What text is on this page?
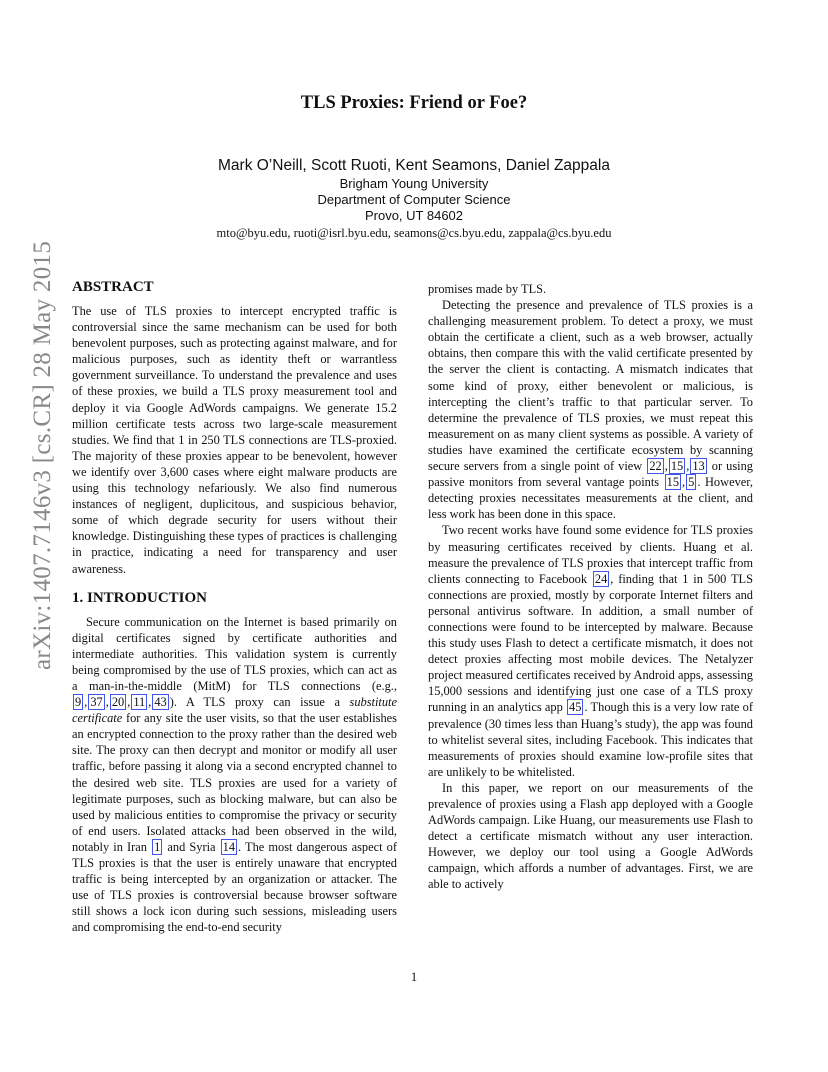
arXiv:1407.7146v3 [cs.CR] 28 May 2015
TLS Proxies: Friend or Foe?
Mark O’Neill, Scott Ruoti, Kent Seamons, Daniel Zappala
Brigham Young University
Department of Computer Science
Provo, UT 84602
mto@byu.edu, ruoti@isrl.byu.edu, seamons@cs.byu.edu, zappala@cs.byu.edu
ABSTRACT

The use of TLS proxies to intercept encrypted traffic is controversial since the same mechanism can be used for both benevolent purposes, such as protecting against malware, and for malicious purposes, such as identity theft or warrantless government surveillance. To understand the prevalence and uses of these proxies, we build a TLS proxy measurement tool and deploy it via Google AdWords campaigns. We generate 15.2 million certificate tests across two large-scale measurement studies. We find that 1 in 250 TLS connections are TLS-proxied. The majority of these proxies appear to be benevolent, however we identify over 3,600 cases where eight malware products are using this technology nefariously. We also find numerous instances of negligent, duplicitous, and suspicious behavior, some of which degrade security for users without their knowledge. Distinguishing these types of practices is challenging in practice, indicating a need for transparency and user awareness.

1. INTRODUCTION

Secure communication on the Internet is based primarily on digital certificates signed by certificate authorities and intermediate authorities. This validation system is currently being compromised by the use of TLS proxies, which can act as a man-in-the-middle (MitM) for TLS connections (e.g., 9 , 37 , 20 , 11 , 43 ). A TLS proxy can issue a substitute certificate for any site the user visits, so that the user establishes an encrypted connection to the proxy rather than the desired web site. The proxy can then decrypt and monitor or modify all user traffic, before passing it along via a second encrypted channel to the desired web site. TLS proxies are used for a variety of legitimate purposes, such as blocking malware, but can also be used by malicious entities to compromise the privacy or security of end users. Isolated attacks had been observed in the wild, notably in Iran 1 and Syria 14 . The most dangerous aspect of TLS proxies is that the user is entirely unaware that encrypted traffic is being intercepted by an organization or attacker. The use of TLS proxies is controversial because browser software still shows a lock icon during such sessions, misleading users and compromising the end-to-end security

promises made by TLS.

Detecting the presence and prevalence of TLS proxies is a challenging measurement problem. To detect a proxy, we must obtain the certificate a client, such as a web browser, actually obtains, then compare this with the valid certificate presented by the server the client is contacting. A mismatch indicates that some kind of proxy, either benevolent or malicious, is intercepting the client’s traffic to that particular server. To determine the prevalence of TLS proxies, we must repeat this measurement on as many client systems as possible. A variety of studies have examined the certificate ecosystem by scanning secure servers from a single point of view 22 , 15 , 13 or using passive monitors from several vantage points 15 , 5 . However, detecting proxies necessitates measurements at the client, and less work has been done in this space.

Two recent works have found some evidence for TLS proxies by measuring certificates received by clients. Huang et al. measure the prevalence of TLS proxies that intercept traffic from clients connecting to Facebook 24 , finding that 1 in 500 TLS connections are proxied, mostly by corporate Internet filters and personal antivirus software. In addition, a small number of connections were found to be intercepted by malware. Because this study uses Flash to detect a certificate mismatch, it does not detect proxies affecting most mobile devices. The Netalyzer project measured certificates received by Android apps, assessing 15,000 sessions and identifying just one case of a TLS proxy running in an analytics app 45 . Though this is a very low rate of prevalence (30 times less than Huang’s study), the app was found to whitelist several sites, including Facebook. This indicates that measurements of proxies should examine low-profile sites that are unlikely to be whitelisted.

In this paper, we report on our measurements of the prevalence of proxies using a Flash app deployed with a Google AdWords campaign. Like Huang, our measurements use Flash to detect a certificate mismatch without any user interaction. However, we deploy our tool using a Google AdWords campaign, which affords a number of advantages. First, we are able to actively

1
